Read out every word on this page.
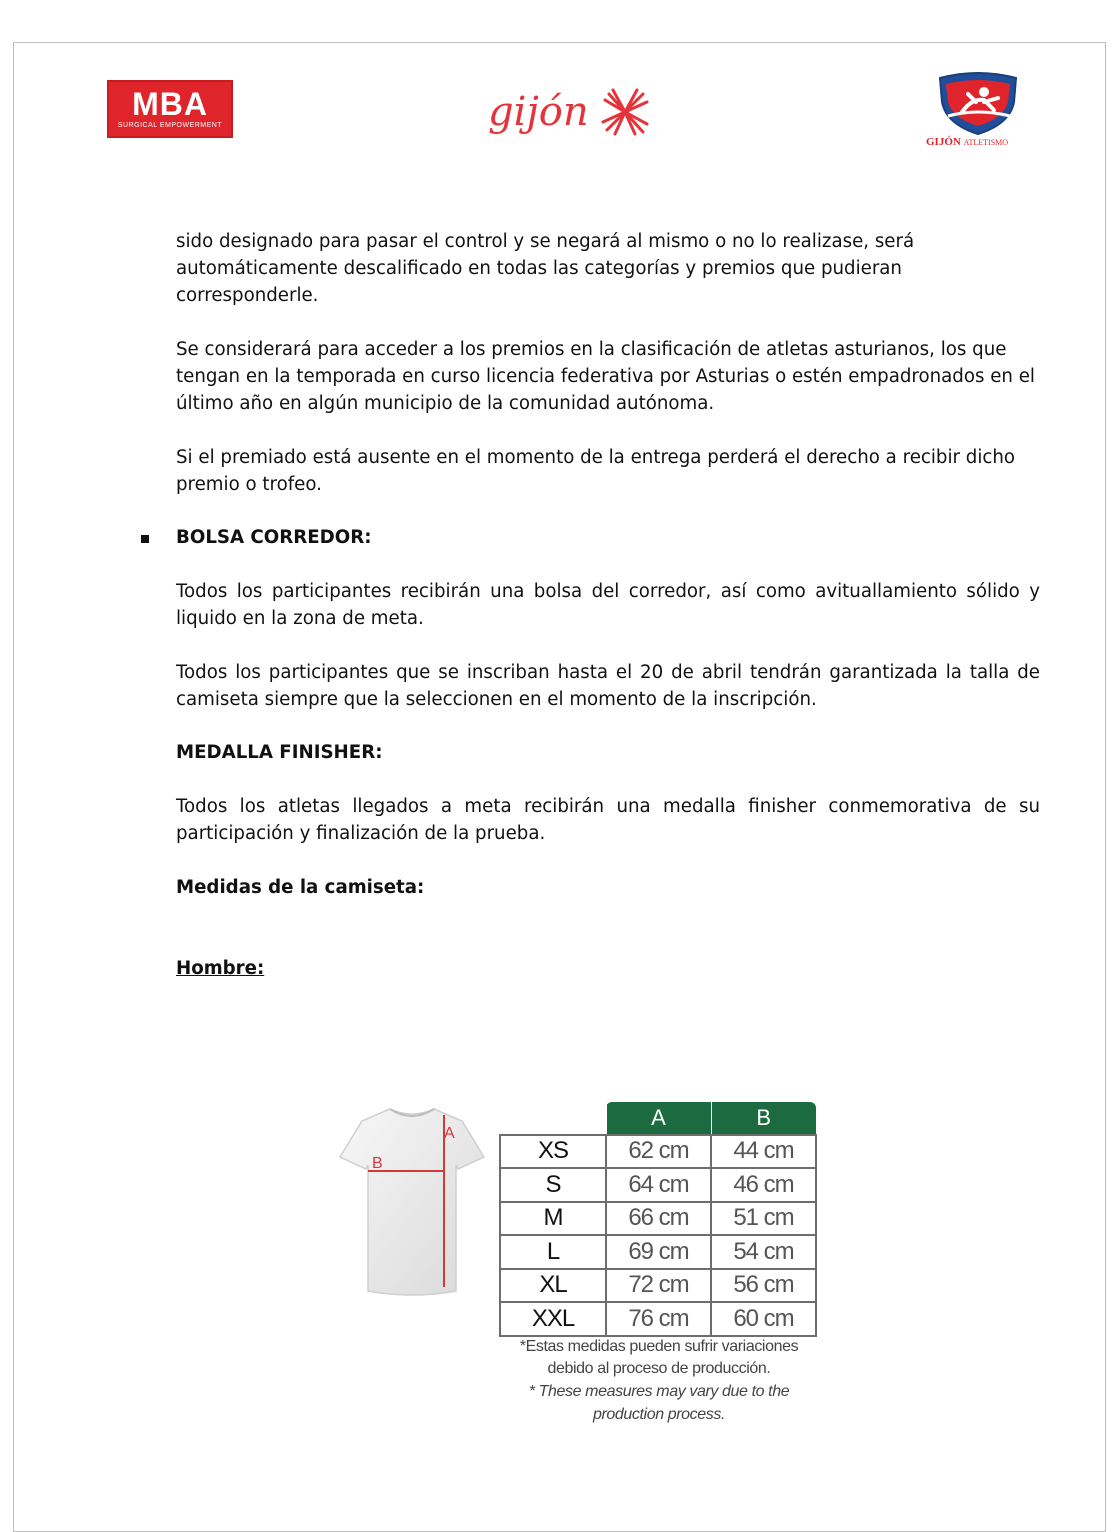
MBA
SURGICAL EMPOWERMENT	gijón
GIJÓN ATLETISMO
sido designado para pasar el control y se negará al mismo o no lo realizase, será automáticamente descalificado en todas las categorías y premios que pudieran corresponderle.
Se considerará para acceder a los premios en la clasificación de atletas asturianos, los que tengan en la temporada en curso licencia federativa por Asturias o estén empadronados en el último año en algún municipio de la comunidad autónoma.
Si el premiado está ausente en el momento de la entrega perderá el derecho a recibir dicho premio o trofeo.
BOLSA CORREDOR:
Todos los participantes recibirán una bolsa del corredor, así como avituallamiento sólido y liquido en la zona de meta.
Todos los participantes que se inscriban hasta el 20 de abril tendrán garantizada la talla de camiseta siempre que la seleccionen en el momento de la inscripción.
MEDALLA FINISHER:
Todos los atletas llegados a meta recibirán una medalla finisher conmemorativa de su participación y finalización de la prueba.
Medidas de la camiseta:
Hombre:
A
B
	A	B
XS	62 cm	44 cm
S	64 cm	46 cm
M	66 cm	51 cm
L	69 cm	54 cm
XL	72 cm	56 cm
XXL	76 cm	60 cm
*Estas medidas pueden sufrir variaciones
debido al proceso de producción.
* These measures may vary due to the
production process.
